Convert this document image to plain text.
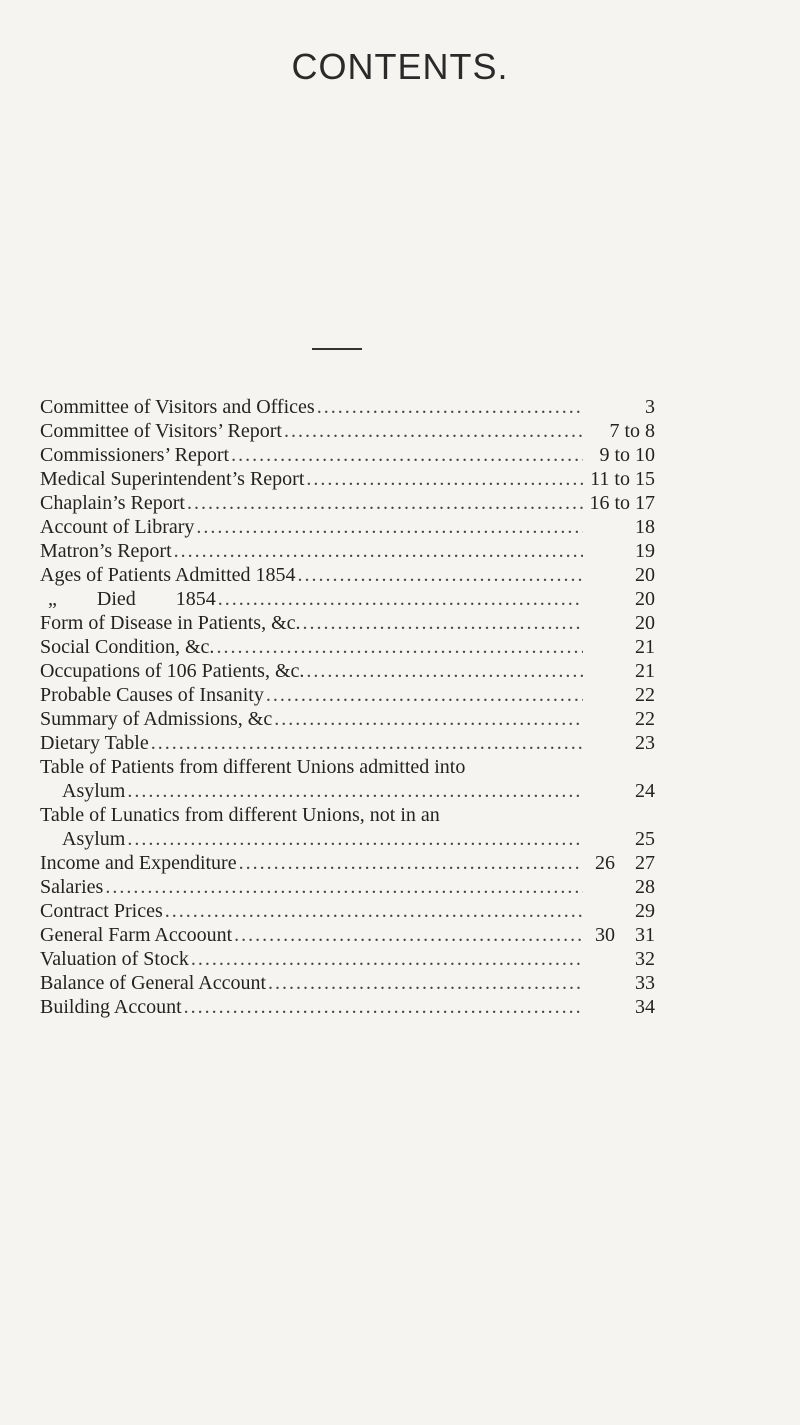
CONTENTS.
Committee of Visitors and Offices .....	3
Committee of Visitors’ Report .....	7 to 8
Commissioners’ Report .....	9 to 10
Medical Superintendent’s Report .....	11 to 15
Chaplain’s Report .....	16 to 17
Account of Library .....	18
Matron’s Report .....	19
Ages of Patients Admitted 1854 .....	20
„        Died        1854 .....	20
Form of Disease in Patients, &c. .....	20
Social Condition, &c. .....	21
Occupations of 106 Patients, &c. .....	21
Probable Causes of Insanity .....	22
Summary of Admissions, &c .....	22
Dietary Table .....	23
Table of Patients from different Unions admitted into
Asylum .....	24
Table of Lunatics from different Unions, not in an
Asylum .....	25
Income and Expenditure .....	26    27
Salaries .....	28
Contract Prices .....	29
General Farm Accoount .....	30    31
Valuation of Stock .....	32
Balance of General Account .....	33
Building Account .....	34
